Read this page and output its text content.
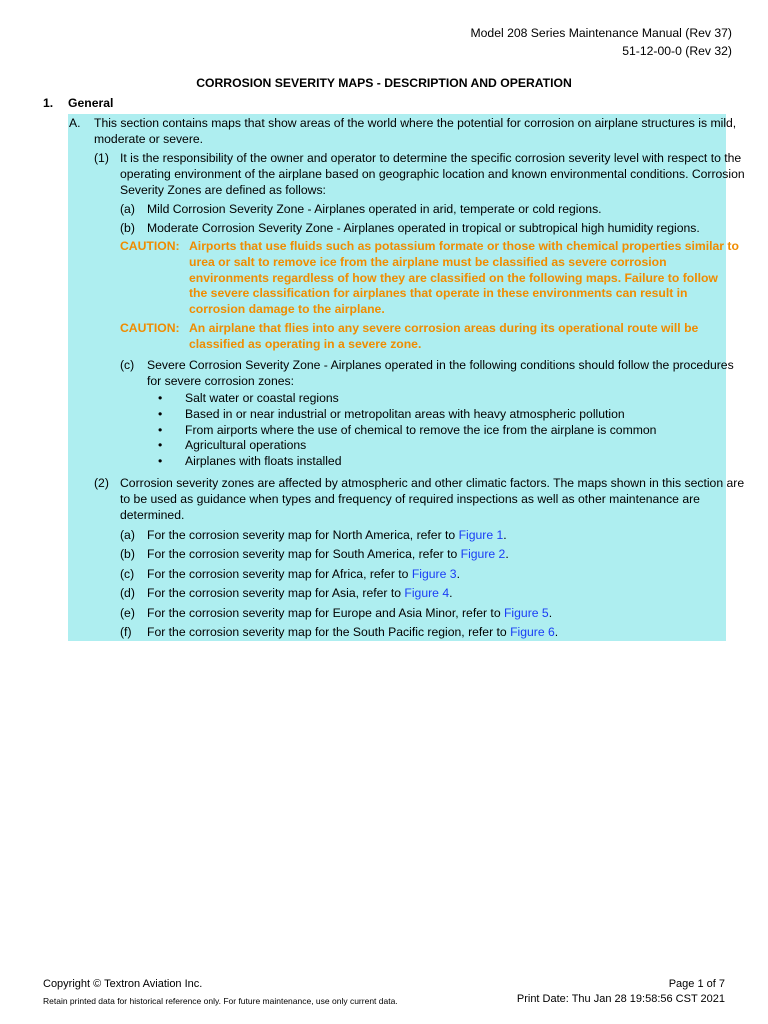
Model 208 Series Maintenance Manual (Rev 37)
51-12-00-0 (Rev 32)
CORROSION SEVERITY MAPS - DESCRIPTION AND OPERATION
1. General
A. This section contains maps that show areas of the world where the potential for corrosion on airplane structures is mild,
moderate or severe.
(1) It is the responsibility of the owner and operator to determine the specific corrosion severity level with respect to the
operating environment of the airplane based on geographic location and known environmental conditions. Corrosion
Severity Zones are defined as follows:
(a) Mild Corrosion Severity Zone - Airplanes operated in arid, temperate or cold regions.
(b) Moderate Corrosion Severity Zone - Airplanes operated in tropical or subtropical high humidity regions.
CAUTION: Airports that use fluids such as potassium formate or those with chemical properties similar to
urea or salt to remove ice from the airplane must be classified as severe corrosion
environments regardless of how they are classified on the following maps. Failure to follow
the severe classification for airplanes that operate in these environments can result in
corrosion damage to the airplane.
CAUTION: An airplane that flies into any severe corrosion areas during its operational route will be
classified as operating in a severe zone.
(c) Severe Corrosion Severity Zone - Airplanes operated in the following conditions should follow the procedures
for severe corrosion zones:
• Salt water or coastal regions
• Based in or near industrial or metropolitan areas with heavy atmospheric pollution
• From airports where the use of chemical to remove the ice from the airplane is common
• Agricultural operations
• Airplanes with floats installed
(2) Corrosion severity zones are affected by atmospheric and other climatic factors. The maps shown in this section are
to be used as guidance when types and frequency of required inspections as well as other maintenance are
determined.
(a) For the corrosion severity map for North America, refer to Figure 1.
(b) For the corrosion severity map for South America, refer to Figure 2.
(c) For the corrosion severity map for Africa, refer to Figure 3.
(d) For the corrosion severity map for Asia, refer to Figure 4.
(e) For the corrosion severity map for Europe and Asia Minor, refer to Figure 5.
(f) For the corrosion severity map for the South Pacific region, refer to Figure 6.
Copyright © Textron Aviation Inc.
Retain printed data for historical reference only. For future maintenance, use only current data.
Page 1 of 7
Print Date: Thu Jan 28 19:58:56 CST 2021
